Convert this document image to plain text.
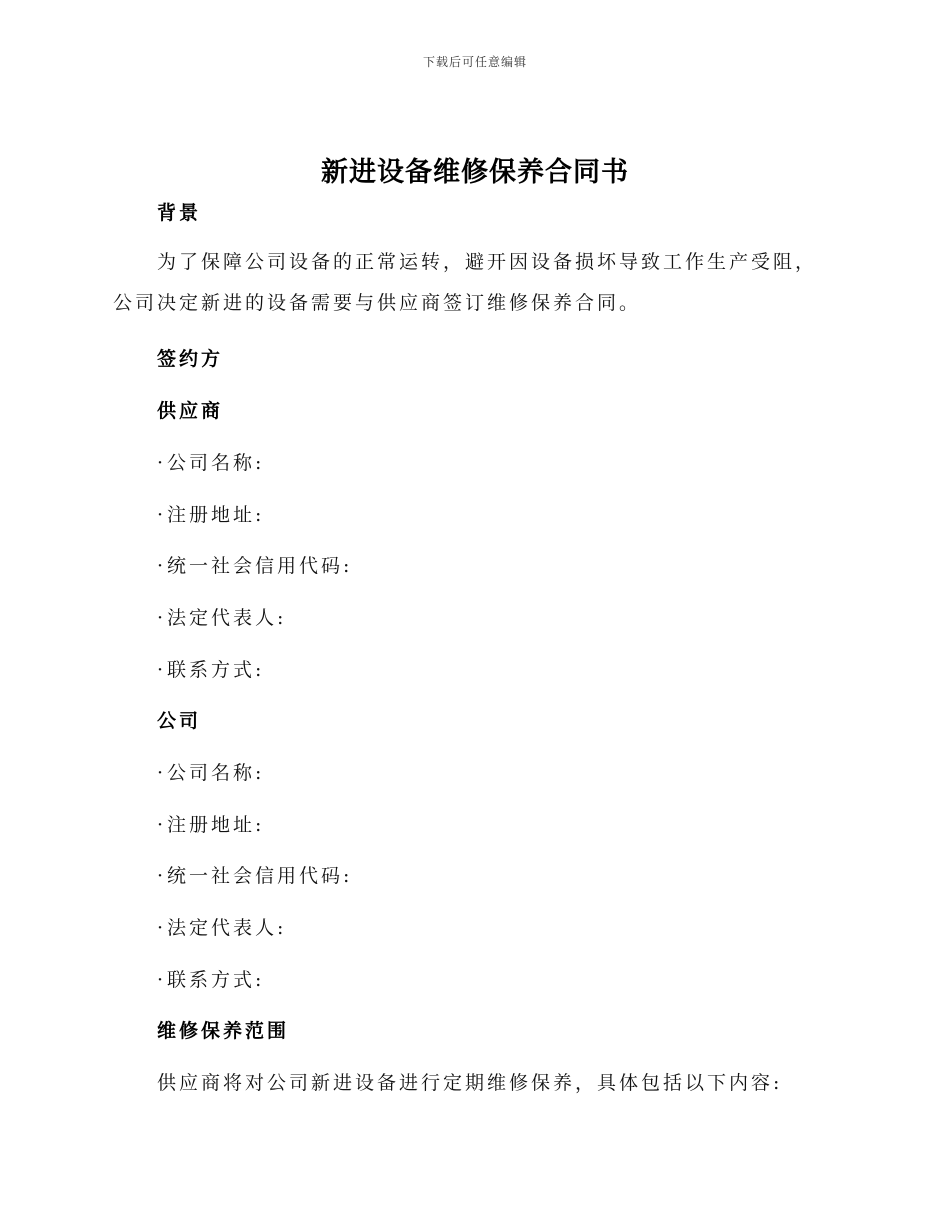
下载后可任意编辑
新进设备维修保养合同书
背景
为了保障公司设备的正常运转，避开因设备损坏导致工作生产受阻，公司决定新进的设备需要与供应商签订维修保养合同。
签约方
供应商
· 公司名称:
· 注册地址:
· 统一社会信用代码:
· 法定代表人:
· 联系方式:
公司
· 公司名称:
· 注册地址:
· 统一社会信用代码:
· 法定代表人:
· 联系方式:
维修保养范围
供应商将对公司新进设备进行定期维修保养，具体包括以下内容:
